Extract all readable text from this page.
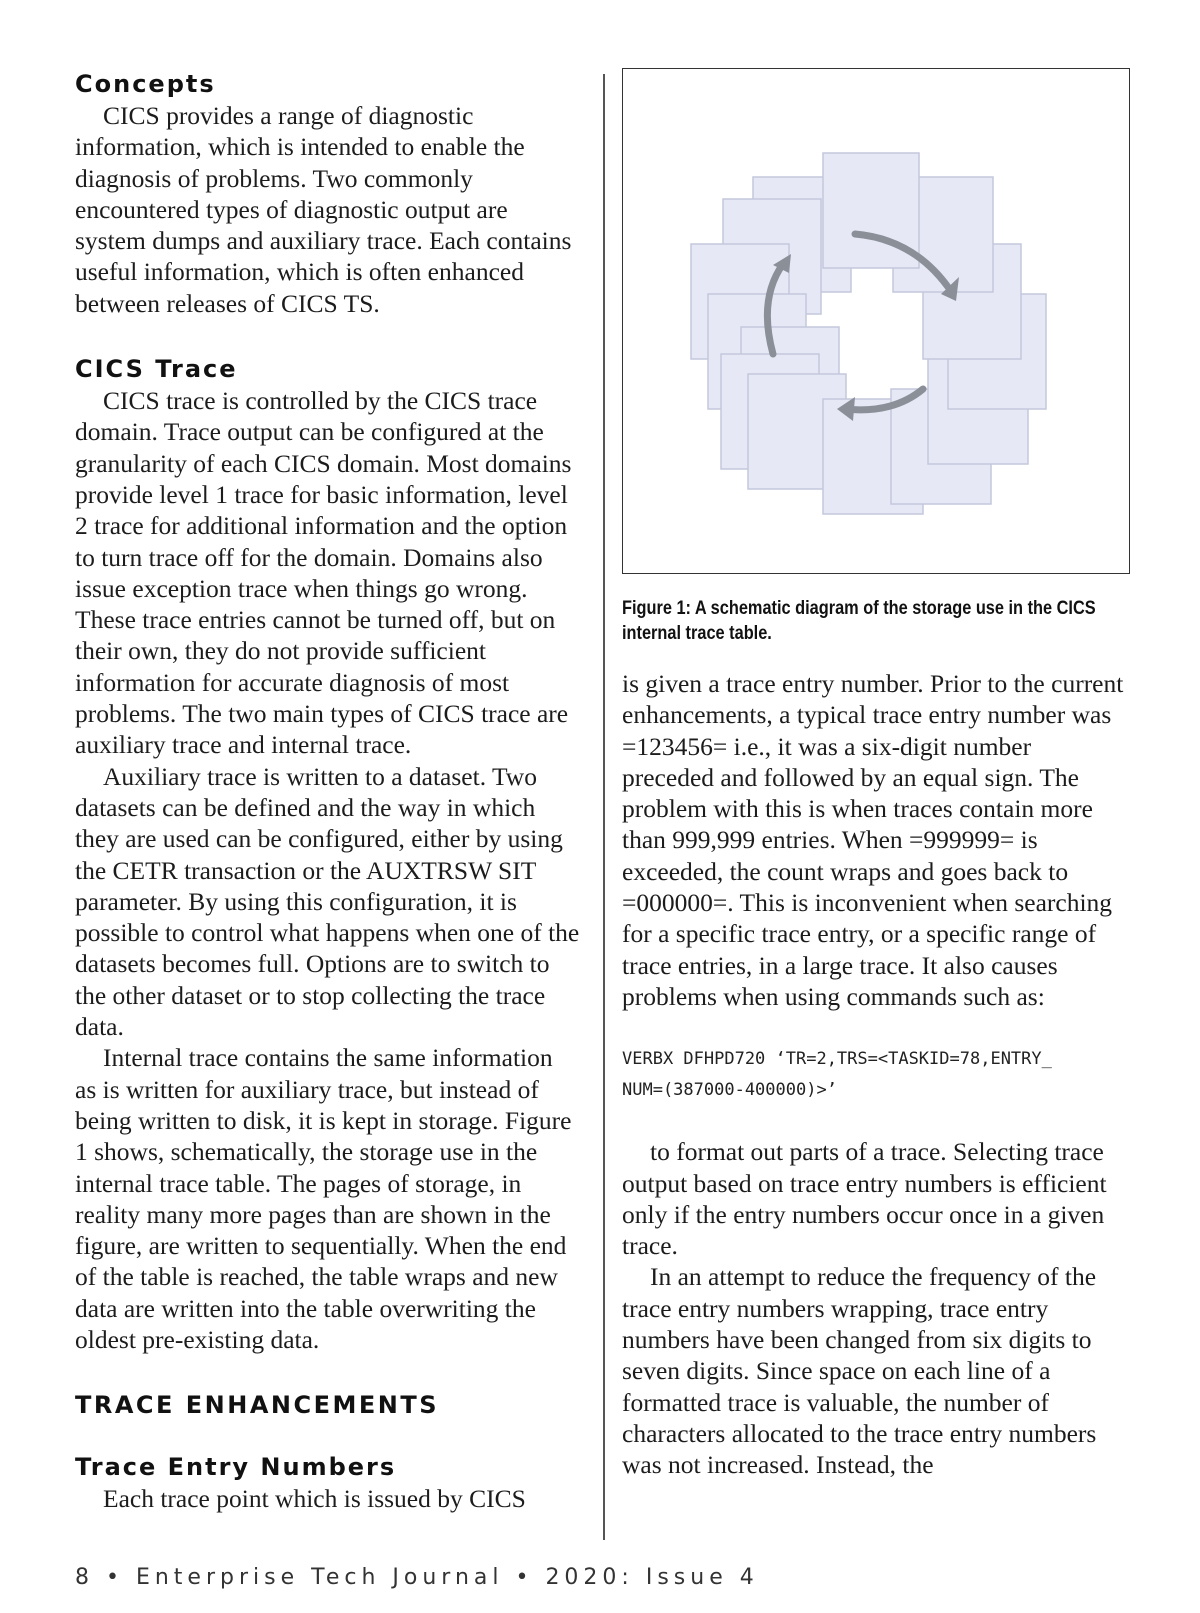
Concepts

CICS provides a range of diagnostic information, which is intended to enable the diagnosis of problems. Two commonly encountered types of diagnostic output are system dumps and auxiliary trace. Each contains useful information, which is often enhanced between releases of CICS TS.

CICS Trace

CICS trace is controlled by the CICS trace domain. Trace output can be configured at the granularity of each CICS domain. Most domains provide level 1 trace for basic information, level 2 trace for additional information and the option to turn trace off for the domain. Domains also issue exception trace when things go wrong. These trace entries cannot be turned off, but on their own, they do not provide sufficient information for accurate diagnosis of most problems. The two main types of CICS trace are auxiliary trace and internal trace.

Auxiliary trace is written to a dataset. Two datasets can be defined and the way in which they are used can be configured, either by using the CETR transaction or the AUXTRSW SIT parameter. By using this configuration, it is possible to control what happens when one of the datasets becomes full. Options are to switch to the other dataset or to stop collecting the trace data.

Internal trace contains the same information as is written for auxiliary trace, but instead of being written to disk, it is kept in storage. Figure 1 shows, schematically, the storage use in the internal trace table. The pages of storage, in reality many more pages than are shown in the figure, are written to sequentially. When the end of the table is reached, the table wraps and new data are written into the table overwriting the oldest pre-existing data.

TRACE ENHANCEMENTS
Trace Entry Numbers

Each trace point which is issued by CICS

Figure 1: A schematic diagram of the storage use in the CICS internal trace table.

is given a trace entry number. Prior to the current enhancements, a typical trace entry number was =123456= i.e., it was a six-digit number preceded and followed by an equal sign. The problem with this is when traces contain more than 999,999 entries. When =999999= is exceeded, the count wraps and goes back to =000000=. This is inconvenient when searching for a specific trace entry, or a specific range of trace entries, in a large trace. It also causes problems when using commands such as:

VERBX DFHPD720 ‘TR=2,TRS=<TASKID=78,ENTRY_

NUM=(387000-400000)>’

to format out parts of a trace. Selecting trace output based on trace entry numbers is efficient only if the entry numbers occur once in a given trace.

In an attempt to reduce the frequency of the trace entry numbers wrapping, trace entry numbers have been changed from six digits to seven digits. Since space on each line of a formatted trace is valuable, the number of characters allocated to the trace entry numbers was not increased. Instead, the

8 • Enterprise Tech Journal • 2020: Issue 4
